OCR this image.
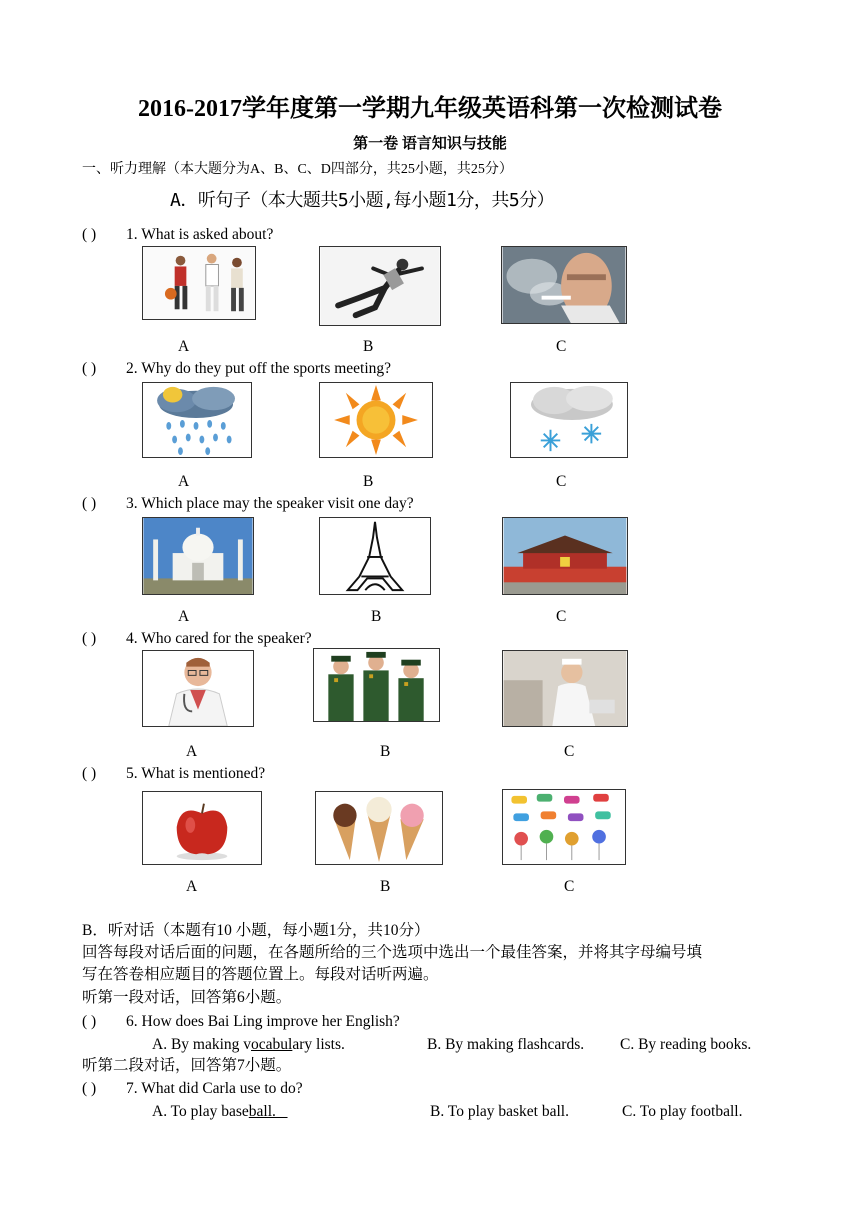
2016-2017学年度第一学期九年级英语科第一次检测试卷
第一卷 语言知识与技能
一、听力理解（本大题分为A、B、C、D四部分，共25小题，共25分）
A．听句子（本大题共5小题,每小题1分，共5分）
( ) 1. What is asked about?
A	B	C
( ) 2. Why do they put off the sports meeting?
A	B	C
( ) 3. Which place may the speaker visit one day?
A	B	C
( ) 4. Who cared for the speaker?
A	B	C
( ) 5. What is mentioned?
A	B	C
B．听对话（本题有10 小题，每小题1分，共10分）
回答每段对话后面的问题，在各题所给的三个选项中选出一个最佳答案，并将其字母编号填
写在答卷相应题目的答题位置上。每段对话听两遍。
听第一段对话，回答第6小题。
( ) 6. How does Bai Ling improve her English?
A. By making vocabulary lists.	B. By making flashcards. C. By reading books.
听第二段对话，回答第7小题。
( ) 7. What did Carla use to do?
A. To play baseball.	B. To play basket ball.	C. To play football.
